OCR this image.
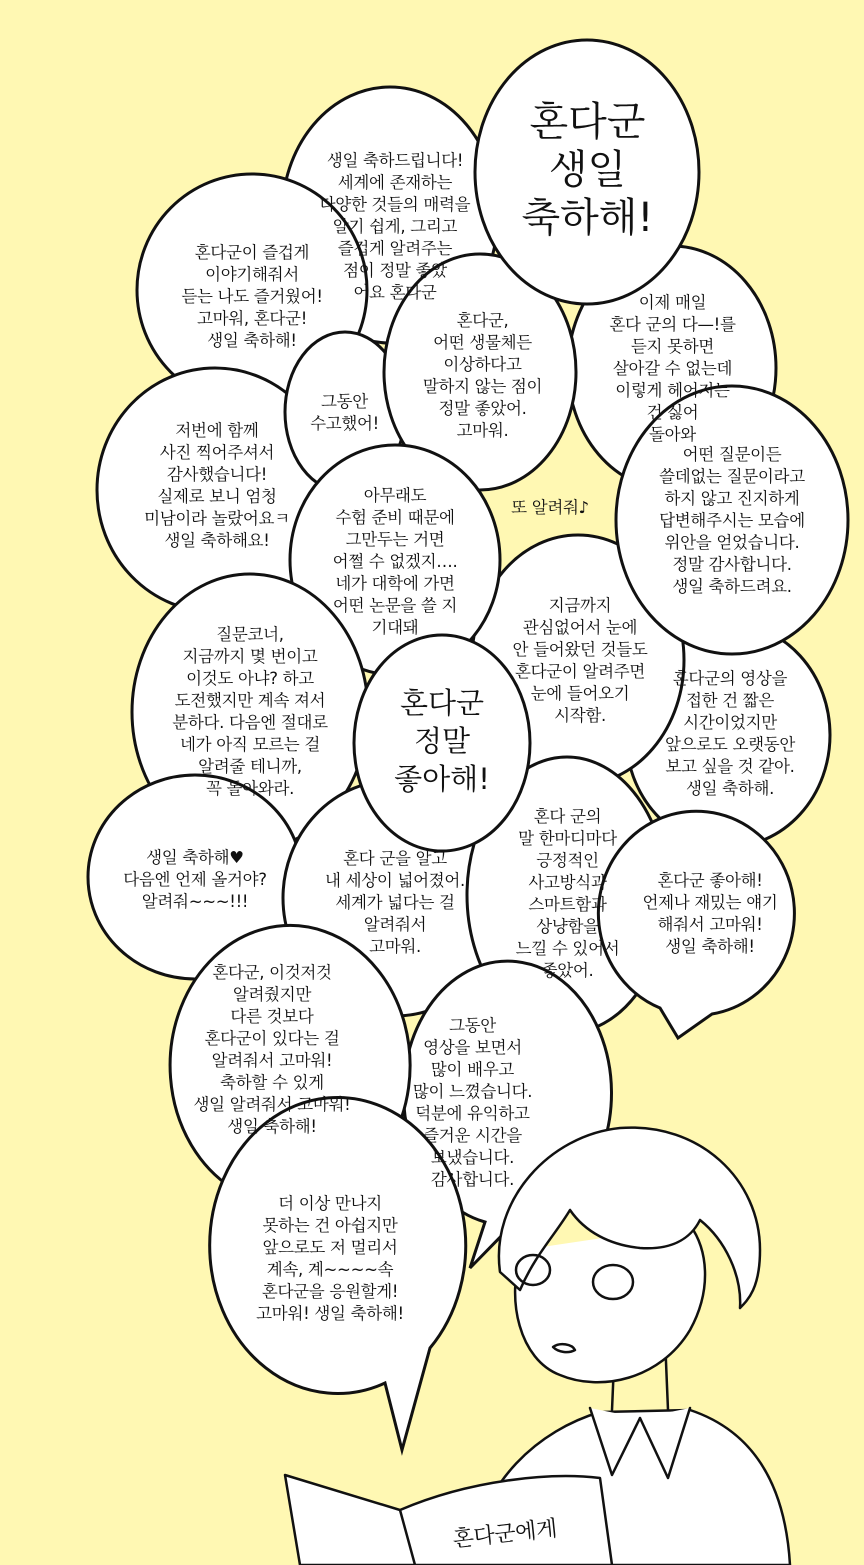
생일 축하드립니다!
세계에 존재하는
다양한 것들의 매력을
알기 쉽게, 그리고
즐겁게 알려주는
점이 정말 좋았
어요 혼다군
이제 매일
혼다 군의 다—!를
듣지 못하면
살아갈 수 없는데
이렇게 헤어지는
건 싫어
돌아와
혼다군이 즐겁게
이야기해줘서
듣는 나도 즐거웠어!
고마워, 혼다군!
생일 축하해!
저번에 함께
사진 찍어주셔서
감사했습니다!
실제로 보니 엄청
미남이라 놀랐어요ㅋ
생일 축하해요!
그동안
수고했어!
혼다군의 영상을
접한 건 짧은
시간이었지만
앞으로도 오랫동안
보고 싶을 것 같아.
생일 축하해.
지금까지
관심없어서 눈에
안 들어왔던 것들도
혼다군이 알려주면
눈에 들어오기
시작함.
혼다군,
어떤 생물체든
이상하다고
말하지 않는 점이
정말 좋았어.
고마워.
아무래도
수험 준비 때문에
그만두는 거면
어쩔 수 없겠지….
네가 대학에 가면
어떤 논문을 쓸 지
기대돼
또 알려줘♪
어떤 질문이든
쓸데없는 질문이라고
하지 않고 진지하게
답변해주시는 모습에
위안을 얻었습니다.
정말 감사합니다.
생일 축하드려요.
질문코너,
지금까지 몇 번이고
이것도 아냐? 하고
도전했지만 계속 져서
분하다. 다음엔 절대로
네가 아직 모르는 걸
알려줄 테니까,
꼭 돌아와라.
생일 축하해♥
다음엔 언제 올거야?
알려줘~~~!!!
혼다 군을 알고
내 세상이 넓어졌어.
세계가 넓다는 걸
알려줘서
고마워.
혼다 군의
말 한마디마다
긍정적인
사고방식과
스마트함과
상냥함을
느낄 수 있어서
좋았어.
혼다군 좋아해!
언제나 재밌는 얘기
해줘서 고마워!
생일 축하해!
혼다군, 이것저것
알려줬지만
다른 것보다
혼다군이 있다는 걸
알려줘서 고마워!
축하할 수 있게
생일 알려줘서 고마워!
생일 축하해!
그동안
영상을 보면서
많이 배우고
많이 느꼈습니다.
덕분에 유익하고
즐거운 시간을
보냈습니다.
감사합니다.
더 이상 만나지
못하는 건 아쉽지만
앞으로도 저 멀리서
계속, 계~~~~속
혼다군을 응원할게!
고마워! 생일 축하해!
혼다군
생일
축하해!
혼다군
정말
좋아해!
혼다군에게
